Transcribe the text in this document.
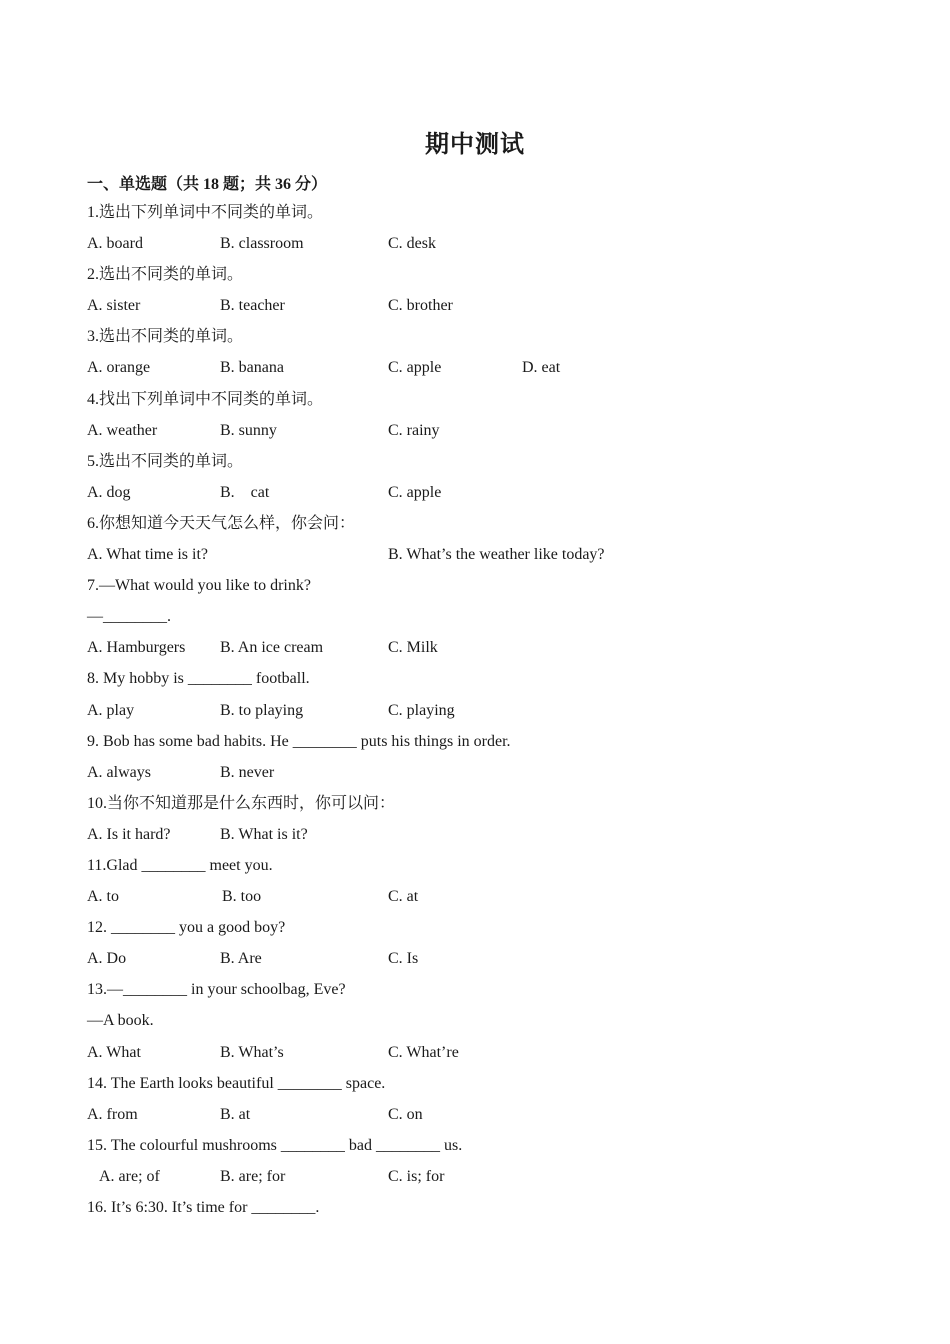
期中测试
一、单选题（共 18 题；共 36 分）
1.选出下列单词中不同类的单词。
A. board	B. classroom	C. desk
2.选出不同类的单词。
A. sister	B. teacher	C. brother
3.选出不同类的单词。
A. orange	B. banana	C. apple	D. eat
4.找出下列单词中不同类的单词。
A. weather	B. sunny	C. rainy
5.选出不同类的单词。
A. dog	B.    cat	C. apple
6.你想知道今天天气怎么样，你会问：
A. What time is it?	B. What’s the weather like today?
7.—What would you like to drink?
—________.
A. Hamburgers B. An ice cream	C. Milk
8. My hobby is ________ football.
A. play	B. to playing	C. playing
9. Bob has some bad habits. He ________ puts his things in order.
A. always	B. never
10.当你不知道那是什么东西时，你可以问：
A. Is it hard?	B. What is it?
11.Glad ________ meet you.
A. to	B. too	C. at
12. ________ you a good boy?
A. Do	B. Are	C. Is
13.—________ in your schoolbag, Eve?
—A book.
A. What	B. What’s	C. What’re
14. The Earth looks beautiful ________ space.
A. from	B. at	C. on
15. The colourful mushrooms ________ bad ________ us.
A. are; of	B. are; for	C. is; for
16. It’s 6:30. It’s time for ________.
